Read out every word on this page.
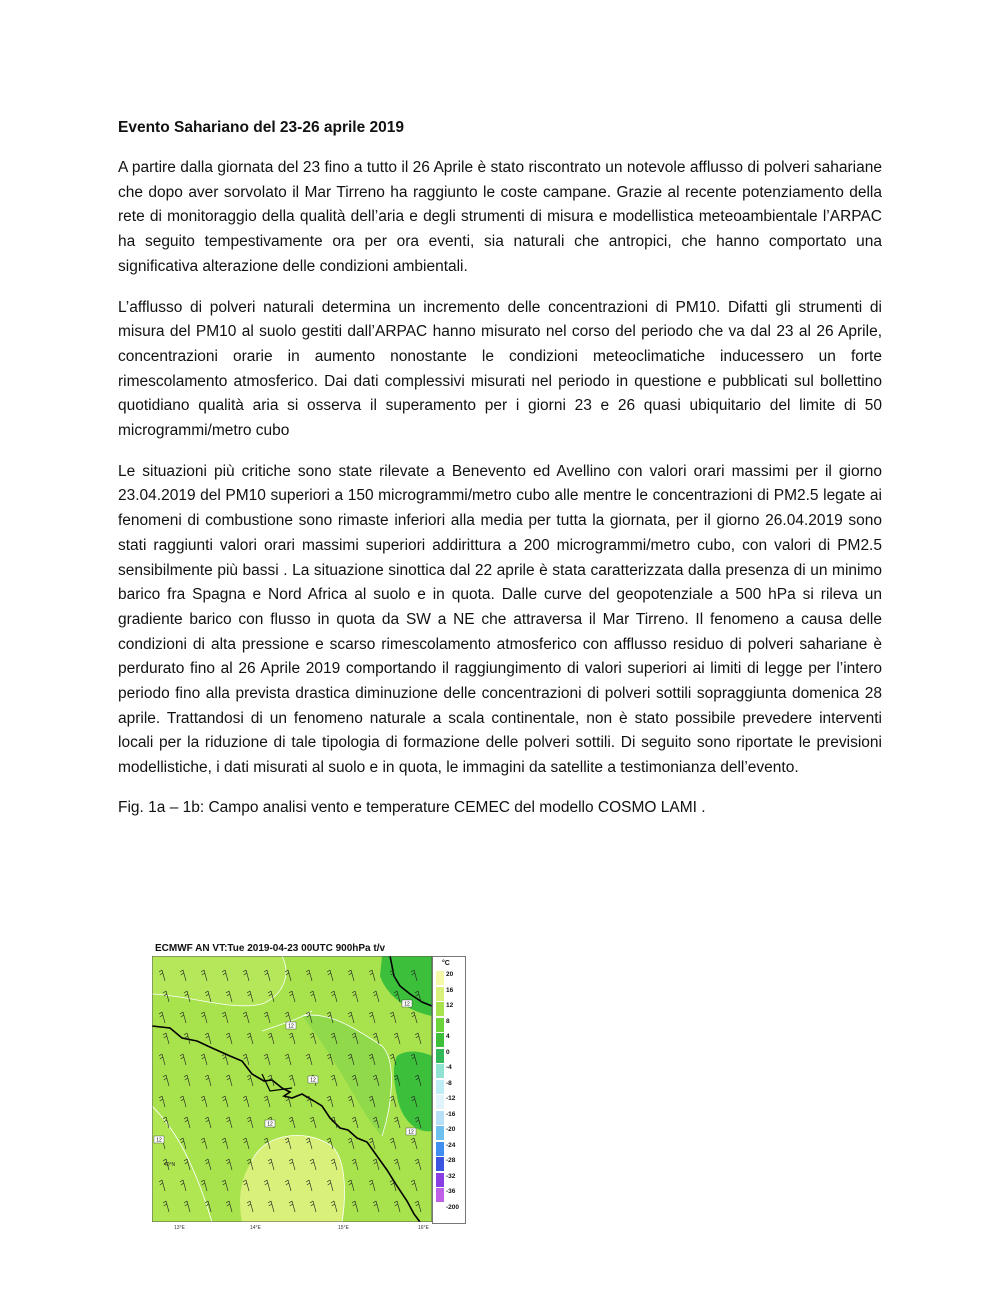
Evento Sahariano del 23-26 aprile 2019

A partire dalla giornata del 23 fino a tutto il 26 Aprile è stato riscontrato un notevole afflusso di polveri sahariane che dopo aver sorvolato il Mar Tirreno ha raggiunto le coste campane. Grazie al recente potenziamento della rete di monitoraggio della qualità dell’aria e degli strumenti di misura e modellistica meteoambientale l’ARPAC ha seguito tempestivamente ora per ora eventi, sia naturali che antropici, che hanno comportato una significativa alterazione delle condizioni ambientali.

L’afflusso di polveri naturali determina un incremento delle concentrazioni di PM10. Difatti gli strumenti di misura del PM10 al suolo gestiti dall’ARPAC hanno misurato nel corso del periodo che va dal 23 al 26 Aprile, concentrazioni orarie in aumento nonostante le condizioni meteoclimatiche inducessero un forte rimescolamento atmosferico. Dai dati complessivi misurati nel periodo in questione e pubblicati sul bollettino quotidiano qualità aria si osserva il superamento per i giorni 23 e 26 quasi ubiquitario del limite di 50 microgrammi/metro cubo

Le situazioni più critiche sono state rilevate a Benevento ed Avellino con valori orari massimi per il giorno 23.04.2019 del PM10 superiori a 150 microgrammi/metro cubo alle mentre le concentrazioni di PM2.5 legate ai fenomeni di combustione sono rimaste inferiori alla media per tutta la giornata, per il giorno 26.04.2019 sono stati raggiunti valori orari massimi superiori addirittura a 200 microgrammi/metro cubo, con valori di PM2.5 sensibilmente più bassi . La situazione sinottica dal 22 aprile è stata caratterizzata dalla presenza di un minimo barico fra Spagna e Nord Africa al suolo e in quota. Dalle curve del geopotenziale a 500 hPa si rileva un gradiente barico con flusso in quota da SW a NE che attraversa il Mar Tirreno. Il fenomeno a causa delle condizioni di alta pressione e scarso rimescolamento atmosferico con afflusso residuo di polveri sahariane è perdurato fino al 26 Aprile 2019 comportando il raggiungimento di valori superiori ai limiti di legge per l’intero periodo fino alla prevista drastica diminuzione delle concentrazioni di polveri sottili sopraggiunta domenica 28 aprile. Trattandosi di un fenomeno naturale a scala continentale, non è stato possibile prevedere interventi locali per la riduzione di tale tipologia di formazione delle polveri sottili. Di seguito sono riportate le previsioni modellistiche, i dati misurati al suolo e in quota, le immagini da satellite a testimonianza dell’evento.

Fig. 1a – 1b: Campo analisi vento e temperature CEMEC del modello COSMO LAMI .

ECMWF AN VT:Tue 2019-04-23 00UTC 900hPa t/v
12
12
12
12
12
12
40°N
°C
20
16
12
8
4
0
-4
-8
-12
-16
-20
-24
-28
-32
-36
-200
13°E	14°E	15°E	16°E
